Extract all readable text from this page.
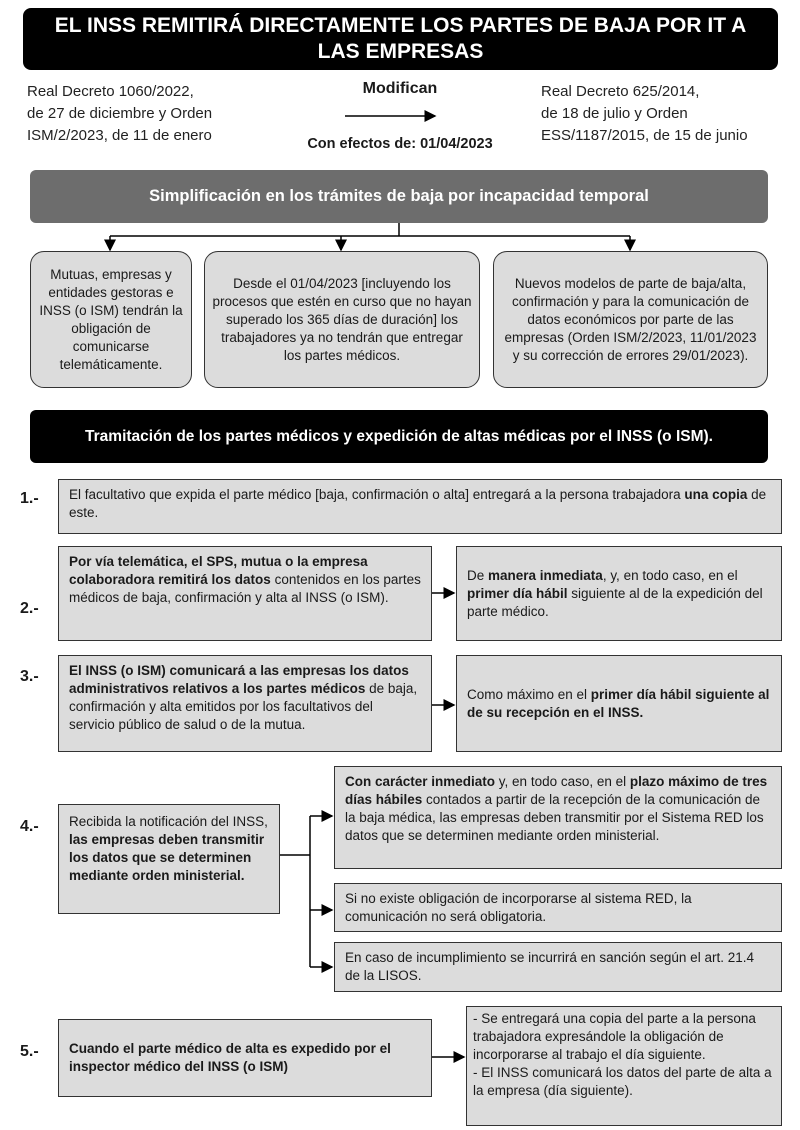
EL INSS REMITIRÁ DIRECTAMENTE LOS PARTES DE BAJA POR IT A
LAS EMPRESAS
Real Decreto 1060/2022,
de 27 de diciembre y Orden
ISM/2/2023, de 11 de enero
Modifican
Con efectos de: 01/04/2023
Real Decreto 625/2014,
de 18 de julio y Orden
ESS/1187/2015, de 15 de junio
Simplificación en los trámites de baja por incapacidad temporal
Mutuas, empresas y entidades gestoras e INSS (o ISM) tendrán la obligación de comunicarse telemáticamente.
Desde el 01/04/2023 [incluyendo los procesos que estén en curso que no hayan superado los 365 días de duración] los trabajadores ya no tendrán que entregar los partes médicos.
Nuevos modelos de parte de baja/alta, confirmación y para la comunicación de datos económicos por parte de las empresas (Orden ISM/2/2023, 11/01/2023 y su corrección de errores 29/01/2023).
Tramitación de los partes médicos y expedición de altas médicas por el INSS (o ISM).
1.-	El facultativo que expida el parte médico [baja, confirmación o alta] entregará a la persona trabajadora una copia de este.
2.-
Por vía telemática, el SPS, mutua o la empresa colaboradora remitirá los datos contenidos en los partes médicos de baja, confirmación y alta al INSS (o ISM).
De manera inmediata, y, en todo caso, en el primer día hábil siguiente al de la expedición del parte médico.
3.-	El INSS (o ISM) comunicará a las empresas los datos administrativos relativos a los partes médicos de baja, confirmación y alta emitidos por los facultativos del servicio público de salud o de la mutua.
Como máximo en el primer día hábil siguiente al de su recepción en el INSS.
4.-	Recibida la notificación del INSS, las empresas deben transmitir los datos que se determinen mediante orden ministerial.
Con carácter inmediato y, en todo caso, en el plazo máximo de tres días hábiles contados a partir de la recepción de la comunicación de la baja médica, las empresas deben transmitir por el Sistema RED los datos que se determinen mediante orden ministerial.
Si no existe obligación de incorporarse al sistema RED, la comunicación no será obligatoria.
En caso de incumplimiento se incurrirá en sanción según el art. 21.4 de la LISOS.
5.- Cuando el parte médico de alta es expedido por el inspector médico del INSS (o ISM)
- Se entregará una copia del parte a la persona trabajadora expresándole la obligación de incorporarse al trabajo el día siguiente.
- El INSS comunicará los datos del parte de alta a la empresa (día siguiente).
